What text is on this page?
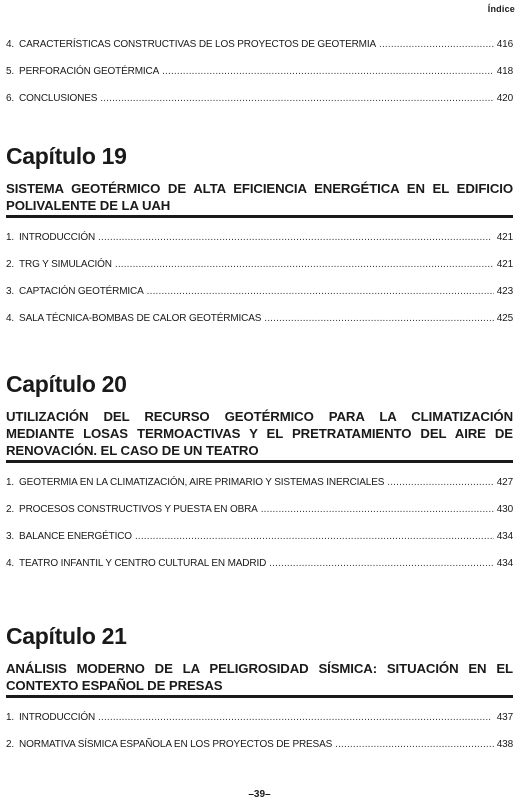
Índice
4. CARACTERÍSTICAS CONSTRUCTIVAS DE LOS PROYECTOS DE GEOTERMIA . . .	416
5. PERFORACIÓN GEOTÉRMICA . . .	418
6. CONCLUSIONES . . .	420
Capítulo 19
SISTEMA GEOTÉRMICO DE ALTA EFICIENCIA ENERGÉTICA EN EL EDIFICIO POLIVALENTE DE LA UAH
1. INTRODUCCIÓN . . .	421
2. TRG Y SIMULACIÓN . . .	421
3. CAPTACIÓN GEOTÉRMICA . . .	423
4. SALA TÉCNICA-BOMBAS DE CALOR GEOTÉRMICAS . . .	425
Capítulo 20
UTILIZACIÓN DEL RECURSO GEOTÉRMICO PARA LA CLIMATIZACIÓN MEDIANTE LOSAS TERMOACTIVAS Y EL PRETRATAMIENTO DEL AIRE DE RENOVACIÓN. EL CASO DE UN TEATRO
1. GEOTERMIA EN LA CLIMATIZACIÓN, AIRE PRIMARIO Y SISTEMAS INERCIALES . . .	427
2. PROCESOS CONSTRUCTIVOS Y PUESTA EN OBRA . . .	430
3. BALANCE ENERGÉTICO . . .	434
4. TEATRO INFANTIL Y CENTRO CULTURAL EN MADRID . . .	434
Capítulo 21
ANÁLISIS MODERNO DE LA PELIGROSIDAD SÍSMICA: SITUACIÓN EN EL CONTEXTO ESPAÑOL DE PRESAS
1. INTRODUCCIÓN . . .	437
2. NORMATIVA SÍSMICA ESPAÑOLA EN LOS PROYECTOS DE PRESAS . . .	438
–39–
